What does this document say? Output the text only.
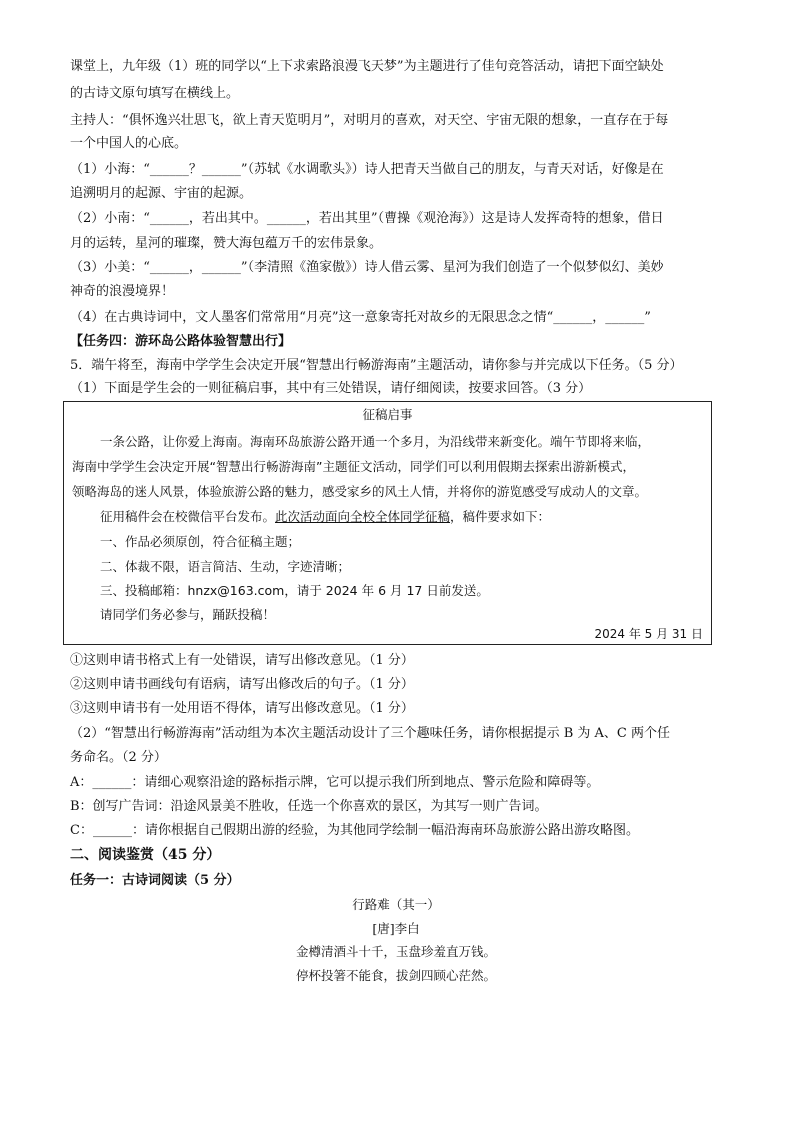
课堂上，九年级（1）班的同学以“上下求索路浪漫飞天梦”为主题进行了佳句竞答活动，请把下面空缺处
的古诗文原句填写在横线上。
主持人：“俱怀逸兴壮思飞，欲上青天览明月”，对明月的喜欢，对天空、宇宙无限的想象，一直存在于每
一个中国人的心底。
（1）小海：“______？______”（苏轼《水调歌头》）诗人把青天当做自己的朋友，与青天对话，好像是在
追溯明月的起源、宇宙的起源。
（2）小南：“______，若出其中。______，若出其里”（曹操《观沧海》）这是诗人发挥奇特的想象，借日
月的运转，星河的璀璨，赞大海包蕴万千的宏伟景象。
（3）小美：“______，______”（李清照《渔家傲》）诗人借云雾、星河为我们创造了一个似梦似幻、美妙
神奇的浪漫境界！
（4）在古典诗词中，文人墨客们常常用“月亮”这一意象寄托对故乡的无限思念之情“______，______”
【任务四：游环岛公路体验智慧出行】
5．端午将至，海南中学学生会决定开展“智慧出行畅游海南”主题活动，请你参与并完成以下任务。（5 分）
（1）下面是学生会的一则征稿启事，其中有三处错误，请仔细阅读，按要求回答。（3 分）
征稿启事
一条公路，让你爱上海南。海南环岛旅游公路开通一个多月，为沿线带来新变化。端午节即将来临，
海南中学学生会决定开展“智慧出行畅游海南”主题征文活动，同学们可以利用假期去探索出游新模式，
领略海岛的迷人风景，体验旅游公路的魅力，感受家乡的风土人情，并将你的游览感受写成动人的文章。
征用稿件会在校微信平台发布。此次活动面向全校全体同学征稿，稿件要求如下：
一、作品必须原创，符合征稿主题；
二、体裁不限，语言简洁、生动，字迹清晰；
三、投稿邮箱：hnzx@163.com，请于 2024 年 6 月 17 日前发送。
请同学们务必参与，踊跃投稿！
2024 年 5 月 31 日
①这则申请书格式上有一处错误，请写出修改意见。（1 分）
②这则申请书画线句有语病，请写出修改后的句子。（1 分）
③这则申请书有一处用语不得体，请写出修改意见。（1 分）
（2）“智慧出行畅游海南”活动组为本次主题活动设计了三个趣味任务，请你根据提示 B 为 A、C 两个任
务命名。（2 分）
A：______：请细心观察沿途的路标指示牌，它可以提示我们所到地点、警示危险和障碍等。
B：创写广告词：沿途风景美不胜收，任选一个你喜欢的景区，为其写一则广告词。
C：______：请你根据自己假期出游的经验，为其他同学绘制一幅沿海南环岛旅游公路出游攻略图。
二、阅读鉴赏（45 分）
任务一：古诗词阅读（5 分）
行路难（其一）
[唐]李白
金樽清酒斗十千，玉盘珍羞直万钱。
停杯投箸不能食，拔剑四顾心茫然。
